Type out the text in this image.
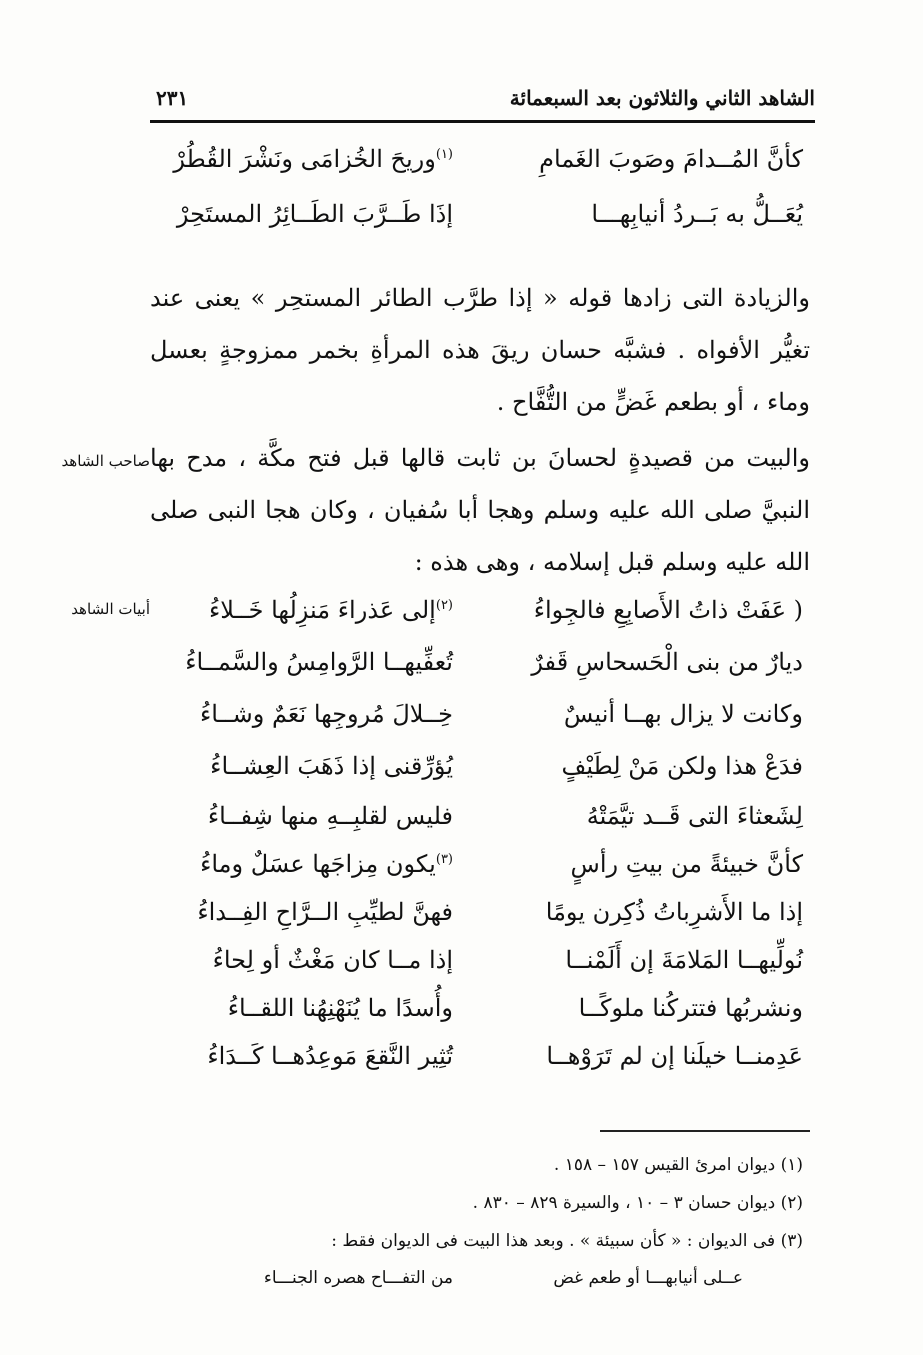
الشاهد الثاني والثلاثون بعد السبعمائة
٢٣١
كأنَّ المُــدامَ وصَوبَ الغَمامِ
$^{(١)}$وريحَ الخُزامَى ونَشْرَ القُطُرْ
يُعَــلُّ به بَــردُ أنيابِهـــا
إذَا طَــرَّبَ الطَــائِرُ المستَحِرْ
والزيادة التى زادها قوله « إذا طرَّب الطائر المستحِر » يعنى عند تغيُّر الأفواه . فشبَّه حسان ريقَ هذه المرأةِ بخمر ممزوجةٍ بعسل وماء ، أو بطعم غَضٍّ من التُّفَّاح .
والبيت من قصيدةٍ لحسانَ بن ثابت قالها قبل فتح مكَّة ، مدح بها النبيَّ صلى الله عليه وسلم وهجا أبا سُفيان ، وكان هجا النبى صلى الله عليه وسلم قبل إسلامه ، وهى هذه :
صاحب الشاهد
أبيات الشاهد	( عَفَتْ ذاتُ الأَصابِعِ فالجِواءُ
$^{(٢)}$إلى عَذراءَ مَنزِلُها خَــلاءُ
ديارٌ من بنى الْحَسحاسِ قَفرٌ
تُعفِّيهــا الرَّوامِسُ والسَّمــاءُ
وكانت لا يزال بهــا أنيسٌ
خِــلالَ مُروجِها نَعَمٌ وشــاءُ
فدَعْ هذا ولكن مَنْ لِطَيْفٍ
يُؤرِّقنى إذا ذَهَبَ العِشــاءُ
لِشَعثاءَ التى قَــد تيَّمَتْهُ
فليس لقلبِــهِ منها شِفــاءُ
كأنَّ خبيئةً من بيتِ رأسٍ
$^{(٣)}$يكون مِزاجَها عسَلٌ وماءُ
إذا ما الأَشرِباتُ ذُكِرن يومًا
فهنَّ لطيِّبِ الــرَّاحِ الفِــداءُ
نُولِّيهــا المَلامَةَ إن أَلَمْنــا
إذا مــا كان مَغْثٌ أو لِحاءُ
ونشربُها فتتركُنا ملوكًــا
وأُسدًا ما يُنَهْنِهُنا اللقــاءُ
عَدِمنــا خيلَنا إن لم تَرَوْهــا
تُثِير النَّقعَ مَوعِدُهــا كَــدَاءُ
(١) ديوان امرئ القيس ١٥٧ – ١٥٨ .
(٢) ديوان حسان ٣ – ١٠ ، والسيرة ٨٢٩ – ٨٣٠ .
(٣) فى الديوان : « كأن سبيئة » . وبعد هذا البيت فى الديوان فقط :
عــلى أنيابهـــا أو طعم غض
من التفـــاح هصره الجنـــاء
